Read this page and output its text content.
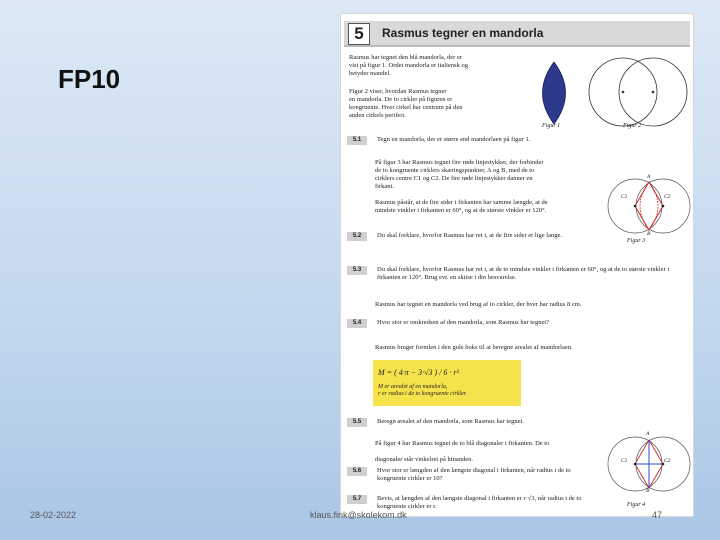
FP10
5	Rasmus tegner en mandorla
Rasmus har tegnet den blå mandorla, der er
vist på figur 1. Ordet mandorla er italiensk og
betyder mandel.
Figur 2 viser, hvordan Rasmus tegner
en mandorla. De to cirkler på figuren er
kongruente. Hver cirkel har centrum på den
anden cirkels periferi.
Figur 1	Figur 2
5.1	Tegn en mandorla, der er større end mandorlaen på figur 1.
På figur 3 har Rasmus tegnet fire røde linjestykker, der forbinder
de to kongruente cirklers skæringspunkter, A og B, med de to
cirklers centre C1 og C2. De fire røde linjestykker danner en
firkant.
Rasmus påstår, at de fire sider i firkanten har samme længde, at de
mindste vinkler i firkanten er 60°, og at de største vinkler er 120°.
A
B
C1	C2
Figur 3
5.2	Du skal forklare, hvorfor Rasmus har ret i, at de fire sider er lige lange.
5.3	Du skal forklare, hvorfor Rasmus har ret i, at de to mindste vinkler i firkanten er 60°, og at de to største vinkler i firkanten er 120°. Brug evt. en skitse i din besvarelse.
Rasmus har tegnet en mandorla ved brug af to cirkler, der hver har radius 8 cm.
5.4	Hvor stor er omkredsen af den mandorla, som Rasmus har tegnet?
Rasmus bruger formlen i den gule boks til at beregne arealet af mandorlaen.
M = ( 4·π − 3·√3 ) / 6 · r²
M er arealet af en mandorla,
r er radius i de to kongruente cirkler.
5.5	Beregn arealet af den mandorla, som Rasmus har tegnet.
På figur 4 har Rasmus tegnet de to blå diagonaler i firkanten. De to
diagonaler står vinkelret på hinanden.
5.6	Hvor stor er længden af den længste diagonal i firkanten, når radius i de to kongruente cirkler er 10?
5.7	Bevis, at længden af den længste diagonal i firkanten er r·√3, når radius i de to kongruente cirkler er r.
A
B
C1	C2
Figur 4
28-02-2022	klaus.fink@skolekom.dk	47
